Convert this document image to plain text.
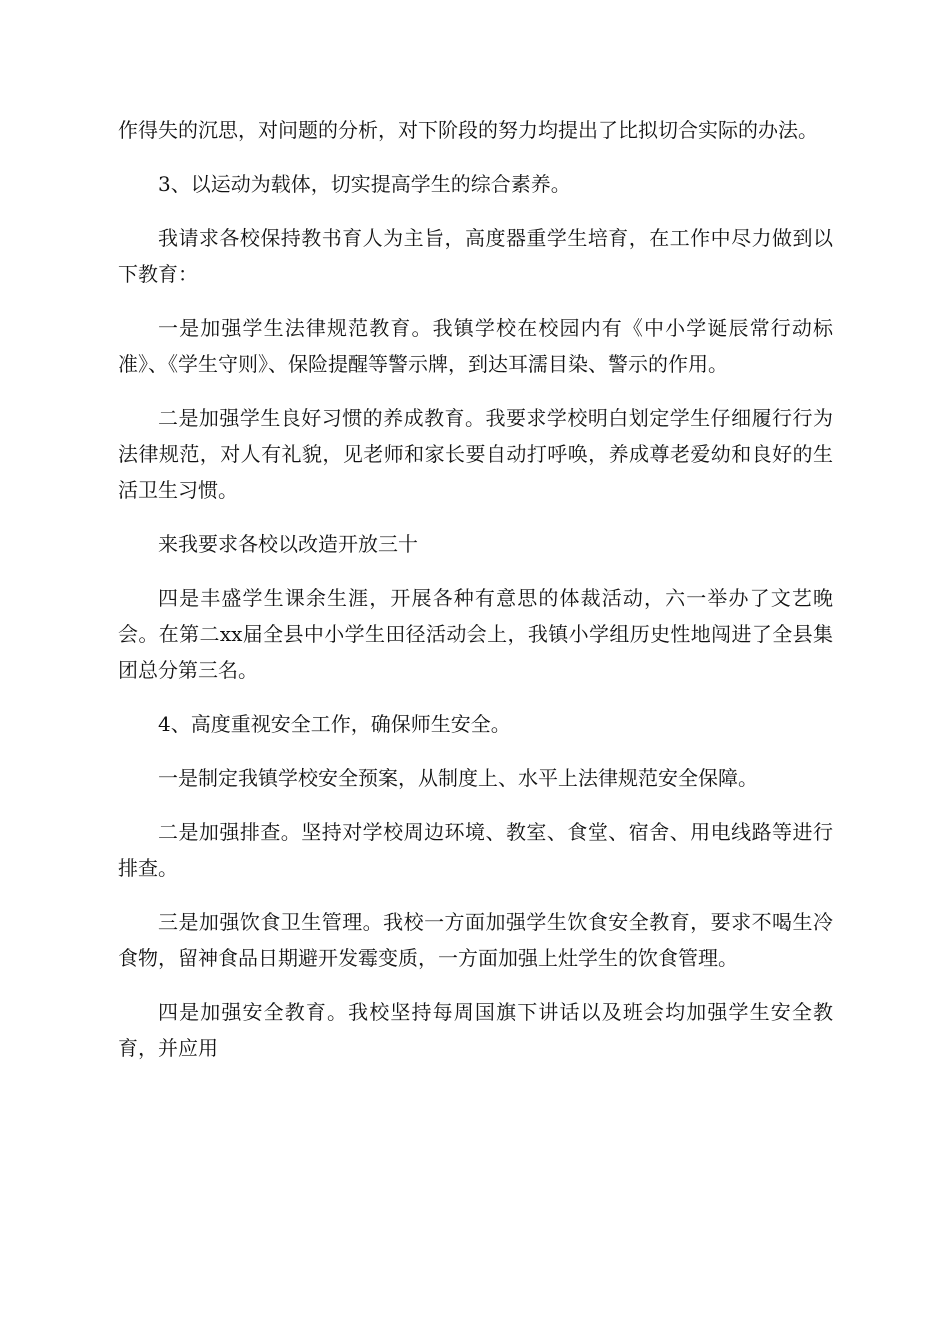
作得失的沉思，对问题的分析，对下阶段的努力均提出了比拟切合实际的办法。

3、以运动为载体，切实提高学生的综合素养。

我请求各校保持教书育人为主旨，高度器重学生培育，在工作中尽力做到以下教育：

一是加强学生法律规范教育。我镇学校在校园内有《中小学诞辰常行动标准》、《学生守则》、保险提醒等警示牌，到达耳濡目染、警示的作用。

二是加强学生良好习惯的养成教育。我要求学校明白划定学生仔细履行行为法律规范，对人有礼貌，见老师和家长要自动打呼唤，养成尊老爱幼和良好的生活卫生习惯。

来我要求各校以改造开放三十

四是丰盛学生课余生涯，开展各种有意思的体裁活动，六一举办了文艺晚会。在第二xx届全县中小学生田径活动会上，我镇小学组历史性地闯进了全县集团总分第三名。

4、高度重视安全工作，确保师生安全。

一是制定我镇学校安全预案，从制度上、水平上法律规范安全保障。

二是加强排查。坚持对学校周边环境、教室、食堂、宿舍、用电线路等进行排查。

三是加强饮食卫生管理。我校一方面加强学生饮食安全教育，要求不喝生冷食物，留神食品日期避开发霉变质，一方面加强上灶学生的饮食管理。

四是加强安全教育。我校坚持每周国旗下讲话以及班会均加强学生安全教育，并应用
